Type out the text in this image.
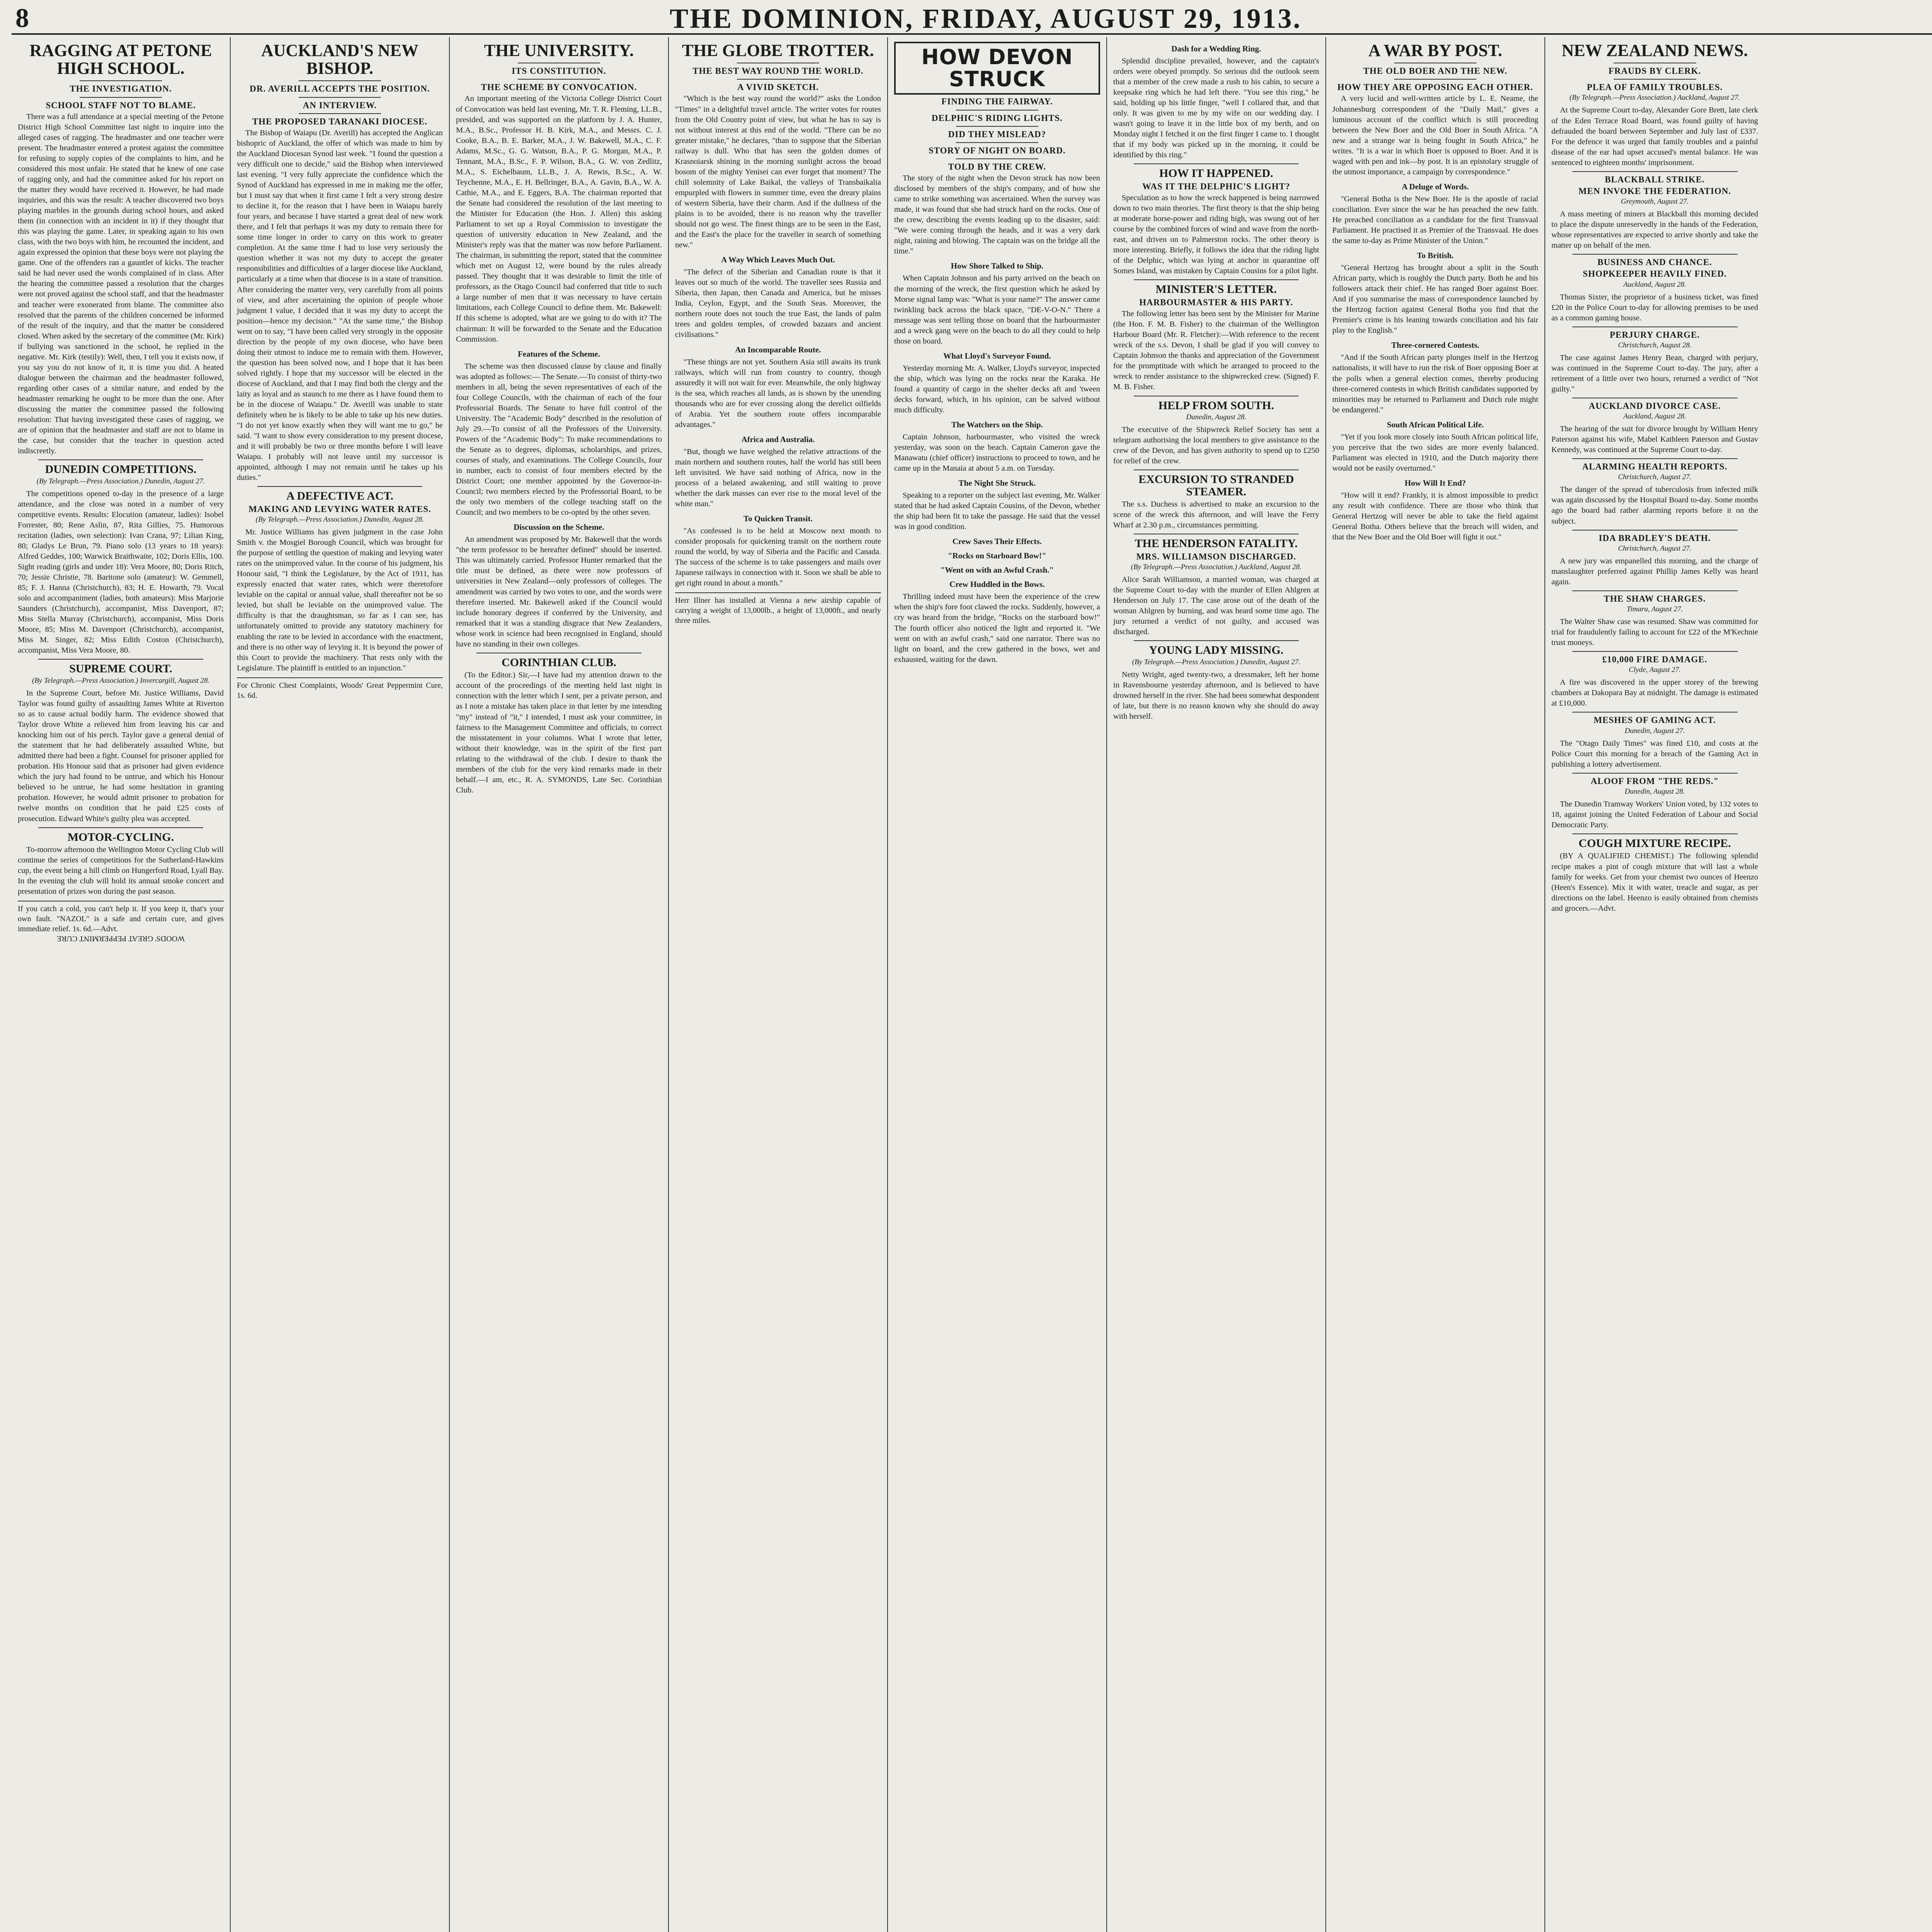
8	THE DOMINION, FRIDAY, AUGUST 29, 1913.
RAGGING AT PETONE HIGH SCHOOL.
THE INVESTIGATION.
SCHOOL STAFF NOT TO BLAME.

There was a full attendance at a special meeting of the Petone District High School Committee last night to inquire into the alleged cases of ragging. The headmaster and one teacher were present. The headmaster entered a protest against the committee for refusing to supply copies of the complaints to him, and he considered this most unfair. He stated that he knew of one case of ragging only, and had the committee asked for his report on the matter they would have received it. However, he had made inquiries, and this was the result: A teacher discovered two boys playing marbles in the grounds during school hours, and asked them (in connection with an incident in it) if they thought that this was playing the game. Later, in speaking again to his own class, with the two boys with him, he recounted the incident, and again expressed the opinion that these boys were not playing the game. One of the offenders ran a gauntlet of kicks. The teacher said he had never used the words complained of in class. After the hearing the committee passed a resolution that the charges were not proved against the school staff, and that the headmaster and teacher were exonerated from blame. The committee also resolved that the parents of the children concerned be informed of the result of the inquiry, and that the matter be considered closed. When asked by the secretary of the committee (Mr. Kirk) if bullying was sanctioned in the school, he replied in the negative. Mr. Kirk (testily): Well, then, I tell you it exists now, if you say you do not know of it, it is time you did. A heated dialogue between the chairman and the headmaster followed, regarding other cases of a similar nature, and ended by the headmaster remarking he ought to be more than the one. After discussing the matter the committee passed the following resolution: That having investigated these cases of ragging, we are of opinion that the headmaster and staff are not to blame in the case, but consider that the teacher in question acted indiscreetly.

DUNEDIN COMPETITIONS.
(By Telegraph.—Press Association.) Dunedin, August 27.

The competitions opened to-day in the presence of a large attendance, and the close was noted in a number of very competitive events. Results: Elocution (amateur, ladies): Isobel Forrester, 80; Rene Aslin, 87, Rita Gillies, 75. Humorous recitation (ladies, own selection): Ivan Crana, 97; Lilian King, 80; Gladys Le Brun, 79. Piano solo (13 years to 18 years): Alfred Geddes, 100; Warwick Braithwaite, 102; Doris Ellis, 100. Sight reading (girls and under 18): Vera Moore, 80; Doris Ritch, 70; Jessie Christie, 78. Baritone solo (amateur): W. Gemmell, 85; F. J. Hanna (Christchurch), 83; H. E. Howarth, 79. Vocal solo and accompaniment (ladies, both amateurs): Miss Marjorie Saunders (Christchurch), accompanist, Miss Davenport, 87; Miss Stella Murray (Christchurch), accompanist, Miss Doris Moore, 85; Miss M. Davenport (Christchurch), accompanist, Miss M. Singer, 82; Miss Edith Coston (Christchurch), accompanist, Miss Vera Moore, 80.

SUPREME COURT.
(By Telegraph.—Press Association.) Invercargill, August 28.

In the Supreme Court, before Mr. Justice Williams, David Taylor was found guilty of assaulting James White at Riverton so as to cause actual bodily harm. The evidence showed that Taylor drove White a relieved him from leaving his car and knocking him out of his perch. Taylor gave a general denial of the statement that he had deliberately assaulted White, but admitted there had been a fight. Counsel for prisoner applied for probation. His Honour said that as prisoner had given evidence which the jury had found to be untrue, and which his Honour believed to be untrue, he had some hesitation in granting probation. However, he would admit prisoner to probation for twelve months on condition that he paid £25 costs of prosecution. Edward White's guilty plea was accepted.

MOTOR-CYCLING.

To-morrow afternoon the Wellington Motor Cycling Club will continue the series of competitions for the Sutherland-Hawkins cup, the event being a hill climb on Hungerford Road, Lyall Bay. In the evening the club will hold its annual smoke concert and presentation of prizes won during the past season.

If you catch a cold, you can't help it. If you keep it, that's your own fault. "NAZOL" is a safe and certain cure, and gives immediate relief. 1s. 6d.—Advt.
WOODS' GREAT PEPPERMINT CURE
AUCKLAND'S NEW BISHOP.
DR. AVERILL ACCEPTS THE POSITION.
AN INTERVIEW.
THE PROPOSED TARANAKI DIOCESE.

The Bishop of Waiapu (Dr. Averill) has accepted the Anglican bishopric of Auckland, the offer of which was made to him by the Auckland Diocesan Synod last week. "I found the question a very difficult one to decide," said the Bishop when interviewed last evening. "I very fully appreciate the confidence which the Synod of Auckland has expressed in me in making me the offer, but I must say that when it first came I felt a very strong desire to decline it, for the reason that I have been in Waiapu barely four years, and because I have started a great deal of new work there, and I felt that perhaps it was my duty to remain there for some time longer in order to carry on this work to greater completion. At the same time I had to lose very seriously the question whether it was not my duty to accept the greater responsibilities and difficulties of a larger diocese like Auckland, particularly at a time when that diocese is in a state of transition. After considering the matter very, very carefully from all points of view, and after ascertaining the opinion of people whose judgment I value, I decided that it was my duty to accept the position—hence my decision." "At the same time," the Bishop went on to say, "I have been called very strongly in the opposite direction by the people of my own diocese, who have been doing their utmost to induce me to remain with them. However, the question has been solved now, and I hope that it has been solved rightly. I hope that my successor will be elected in the diocese of Auckland, and that I may find both the clergy and the laity as loyal and as staunch to me there as I have found them to be in the diocese of Waiapu." Dr. Averill was unable to state definitely when he is likely to be able to take up his new duties. "I do not yet know exactly when they will want me to go," he said. "I want to show every consideration to my present diocese, and it will probably be two or three months before I will leave Waiapu. I probably will not leave until my successor is appointed, although I may not remain until he takes up his duties."

A DEFECTIVE ACT.
MAKING AND LEVYING WATER RATES.
(By Telegraph.—Press Association.) Dunedin, August 28.

Mr. Justice Williams has given judgment in the case John Smith v. the Mosgiel Borough Council, which was brought for the purpose of settling the question of making and levying water rates on the unimproved value. In the course of his judgment, his Honour said, "I think the Legislature, by the Act of 1911, has expressly enacted that water rates, which were theretofore leviable on the capital or annual value, shall thereafter not be so levied, but shall be leviable on the unimproved value. The difficulty is that the draughtsman, so far as I can see, has unfortunately omitted to provide any statutory machinery for enabling the rate to be levied in accordance with the enactment, and there is no other way of levying it. It is beyond the power of this Court to provide the machinery. That rests only with the Legislature. The plaintiff is entitled to an injunction."

For Chronic Chest Complaints, Woods' Great Peppermint Cure, 1s. 6d.
THE UNIVERSITY.
ITS CONSTITUTION.
THE SCHEME BY CONVOCATION.

An important meeting of the Victoria College District Court of Convocation was held last evening, Mr. T. R. Fleming, LL.B., presided, and was supported on the platform by J. A. Hunter, M.A., B.Sc., Professor H. B. Kirk, M.A., and Messrs. C. J. Cooke, B.A., B. E. Barker, M.A., J. W. Bakewell, M.A., C. F. Adams, M.Sc., G. G. Watson, B.A., P. G. Morgan, M.A., P. Tennant, M.A., B.Sc., F. P. Wilson, B.A., G. W. von Zedlitz, M.A., S. Eichelbaum, LL.B., J. A. Rewis, B.Sc., A. W. Teychenne, M.A., E. H. Bellringer, B.A., A. Gavin, B.A., W. A. Cathie, M.A., and E. Eggers, B.A. The chairman reported that the Senate had considered the resolution of the last meeting to the Minister for Education (the Hon. J. Allen) this asking Parliament to set up a Royal Commission to investigate the question of university education in New Zealand, and the Minister's reply was that the matter was now before Parliament. The chairman, in submitting the report, stated that the committee which met on August 12, were bound by the rules already passed. They thought that it was desirable to limit the title of professors, as the Otago Council had conferred that title to such a large number of men that it was necessary to have certain limitations, each College Council to define them. Mr. Bakewell: If this scheme is adopted, what are we going to do with it? The chairman: It will be forwarded to the Senate and the Education Commission.

Features of the Scheme.

The scheme was then discussed clause by clause and finally was adopted as follows:— The Senate.—To consist of thirty-two members in all, being the seven representatives of each of the four College Councils, with the chairman of each of the four Professorial Boards. The Senate to have full control of the University. The "Academic Body" described in the resolution of July 29.—To consist of all the Professors of the University. Powers of the "Academic Body": To make recommendations to the Senate as to degrees, diplomas, scholarships, and prizes, courses of study, and examinations. The College Councils, four in number, each to consist of four members elected by the District Court; one member appointed by the Governor-in-Council; two members elected by the Professorial Board, to be the only two members of the college teaching staff on the Council; and two members to be co-opted by the other seven.

Discussion on the Scheme.

An amendment was proposed by Mr. Bakewell that the words "the term professor to be hereafter defined" should be inserted. This was ultimately carried. Professor Hunter remarked that the title must be defined, as there were now professors of universities in New Zealand—only professors of colleges. The amendment was carried by two votes to one, and the words were therefore inserted. Mr. Bakewell asked if the Council would include honorary degrees if conferred by the University, and remarked that it was a standing disgrace that New Zealanders, whose work in science had been recognised in England, should have no standing in their own colleges.

CORINTHIAN CLUB.

(To the Editor.) Sir,—I have had my attention drawn to the account of the proceedings of the meeting held last night in connection with the letter which I sent, per a private person, and as I note a mistake has taken place in that letter by me intending "my" instead of "it," I intended, I must ask your committee, in fairness to the Management Committee and officials, to correct the misstatement in your columns. What I wrote that letter, without their knowledge, was in the spirit of the first part relating to the withdrawal of the club. I desire to thank the members of the club for the very kind remarks made in their behalf.—I am, etc., R. A. SYMONDS, Late Sec. Corinthian Club.

THE GLOBE TROTTER.
THE BEST WAY ROUND THE WORLD.
A VIVID SKETCH.

"Which is the best way round the world?" asks the London "Times" in a delightful travel article. The writer votes for routes from the Old Country point of view, but what he has to say is not without interest at this end of the world. "There can be no greater mistake," he declares, "than to suppose that the Siberian railway is dull. Who that has seen the golden domes of Krasnoiarsk shining in the morning sunlight across the broad bosom of the mighty Yenisei can ever forget that moment? The chill solemnity of Lake Baikal, the valleys of Transbaikalia empurpled with flowers in summer time, even the dreary plains of western Siberia, have their charm. And if the dullness of the plains is to be avoided, there is no reason why the traveller should not go west. The finest things are to be seen in the East, and the East's the place for the traveller in search of something new."

A Way Which Leaves Much Out.

"The defect of the Siberian and Canadian route is that it leaves out so much of the world. The traveller sees Russia and Siberia, then Japan, then Canada and America, but he misses India, Ceylon, Egypt, and the South Seas. Moreover, the northern route does not touch the true East, the lands of palm trees and golden temples, of crowded bazaars and ancient civilisations."

An Incomparable Route.

"These things are not yet. Southern Asia still awaits its trunk railways, which will run from country to country, though assuredly it will not wait for ever. Meanwhile, the only highway is the sea, which reaches all lands, as is shown by the unending thousands who are for ever crossing along the derelict oilfields of Arabia. Yet the southern route offers incomparable advantages."

Africa and Australia.

"But, though we have weighed the relative attractions of the main northern and southern routes, half the world has still been left unvisited. We have said nothing of Africa, now in the process of a belated awakening, and still waiting to prove whether the dark masses can ever rise to the moral level of the white man."

To Quicken Transit.

"As confessed is to be held at Moscow next month to consider proposals for quickening transit on the northern route round the world, by way of Siberia and the Pacific and Canada. The success of the scheme is to take passengers and mails over Japanese railways in connection with it. Soon we shall be able to get right round in about a month."

Herr Illner has installed at Vienna a new airship capable of carrying a weight of 13,000lb., a height of 13,000ft., and nearly three miles.
HOW DEVON STRUCK
FINDING THE FAIRWAY.
DELPHIC'S RIDING LIGHTS.
DID THEY MISLEAD?
STORY OF NIGHT ON BOARD.
TOLD BY THE CREW.

The story of the night when the Devon struck has now been disclosed by members of the ship's company, and of how she came to strike something was ascertained. When the survey was made, it was found that she had struck hard on the rocks. One of the crew, describing the events leading up to the disaster, said: "We were coming through the heads, and it was a very dark night, raining and blowing. The captain was on the bridge all the time."

How Shore Talked to Ship.

When Captain Johnson and his party arrived on the beach on the morning of the wreck, the first question which he asked by Morse signal lamp was: "What is your name?" The answer came twinkling back across the black space, "DE-V-O-N." There a message was sent telling those on board that the harbourmaster and a wreck gang were on the beach to do all they could to help those on board.

What Lloyd's Surveyor Found.

Yesterday morning Mr. A. Walker, Lloyd's surveyor, inspected the ship, which was lying on the rocks near the Karaka. He found a quantity of cargo in the shelter decks aft and 'tween decks forward, which, in his opinion, can be salved without much difficulty.

The Watchers on the Ship.

Captain Johnson, harbourmaster, who visited the wreck yesterday, was soon on the beach. Captain Cameron gave the Manawatu (chief officer) instructions to proceed to town, and he came up in the Manaia at about 5 a.m. on Tuesday.

The Night She Struck.

Speaking to a reporter on the subject last evening, Mr. Walker stated that he had asked Captain Cousins, of the Devon, whether the ship had been fit to take the passage. He said that the vessel was in good condition.

Crew Saves Their Effects.
"Rocks on Starboard Bow!"
"Went on with an Awful Crash."
Crew Huddled in the Bows.

Thrilling indeed must have been the experience of the crew when the ship's fore foot clawed the rocks. Suddenly, however, a cry was heard from the bridge, "Rocks on the starboard bow!" The fourth officer also noticed the light and reported it. "We went on with an awful crash," said one narrator. There was no light on board, and the crew gathered in the bows, wet and exhausted, waiting for the dawn.

Dash for a Wedding Ring.

Splendid discipline prevailed, however, and the captain's orders were obeyed promptly. So serious did the outlook seem that a member of the crew made a rush to his cabin, to secure a keepsake ring which he had left there. "You see this ring," he said, holding up his little finger, "well I collared that, and that only. It was given to me by my wife on our wedding day. I wasn't going to leave it in the little box of my berth, and on Monday night I fetched it on the first finger I came to. I thought that if my body was picked up in the morning, it could be identified by this ring."

HOW IT HAPPENED.
WAS IT THE DELPHIC'S LIGHT?

Speculation as to how the wreck happened is being narrowed down to two main theories. The first theory is that the ship being at moderate horse-power and riding high, was swung out of her course by the combined forces of wind and wave from the north-east, and driven on to Palmerston rocks. The other theory is more interesting. Briefly, it follows the idea that the riding light of the Delphic, which was lying at anchor in quarantine off Somes Island, was mistaken by Captain Cousins for a pilot light.

MINISTER'S LETTER.
HARBOURMASTER & HIS PARTY.

The following letter has been sent by the Minister for Marine (the Hon. F. M. B. Fisher) to the chairman of the Wellington Harbour Board (Mr. R. Fletcher):—With reference to the recent wreck of the s.s. Devon, I shall be glad if you will convey to Captain Johnson the thanks and appreciation of the Government for the promptitude with which he arranged to proceed to the wreck to render assistance to the shipwrecked crew. (Signed) F. M. B. Fisher.

HELP FROM SOUTH.
Dunedin, August 28.

The executive of the Shipwreck Relief Society has sent a telegram authorising the local members to give assistance to the crew of the Devon, and has given authority to spend up to £250 for relief of the crew.

EXCURSION TO STRANDED STEAMER.

The s.s. Duchess is advertised to make an excursion to the scene of the wreck this afternoon, and will leave the Ferry Wharf at 2.30 p.m., circumstances permitting.

THE HENDERSON FATALITY.
MRS. WILLIAMSON DISCHARGED.
(By Telegraph.—Press Association.) Auckland, August 28.

Alice Sarah Williamson, a married woman, was charged at the Supreme Court to-day with the murder of Ellen Ahlgren at Henderson on July 17. The case arose out of the death of the woman Ahlgren by burning, and was heard some time ago. The jury returned a verdict of not guilty, and accused was discharged.

YOUNG LADY MISSING.
(By Telegraph.—Press Association.) Dunedin, August 27.

Netty Wright, aged twenty-two, a dressmaker, left her home in Ravensbourne yesterday afternoon, and is believed to have drowned herself in the river. She had been somewhat despondent of late, but there is no reason known why she should do away with herself.

A WAR BY POST.
THE OLD BOER AND THE NEW.
HOW THEY ARE OPPOSING EACH OTHER.

A very lucid and well-written article by L. E. Neame, the Johannesburg correspondent of the "Daily Mail," gives a luminous account of the conflict which is still proceeding between the New Boer and the Old Boer in South Africa. "A new and a strange war is being fought in South Africa," he writes. "It is a war in which Boer is opposed to Boer. And it is waged with pen and ink—by post. It is an epistolary struggle of the utmost importance, a campaign by correspondence."

A Deluge of Words.

"General Botha is the New Boer. He is the apostle of racial conciliation. Ever since the war he has preached the new faith. He preached conciliation as a candidate for the first Transvaal Parliament. He practised it as Premier of the Transvaal. He does the same to-day as Prime Minister of the Union."

To British.

"General Hertzog has brought about a split in the South African party, which is roughly the Dutch party. Both he and his followers attack their chief. He has ranged Boer against Boer. And if you summarise the mass of correspondence launched by the Hertzog faction against General Botha you find that the Premier's crime is his leaning towards conciliation and his fair play to the English."

Three-cornered Contests.

"And if the South African party plunges itself in the Hertzog nationalists, it will have to run the risk of Boer opposing Boer at the polls when a general election comes, thereby producing three-cornered contests in which British candidates supported by minorities may be returned to Parliament and Dutch rule might be endangered."

South African Political Life.

"Yet if you look more closely into South African political life, you perceive that the two sides are more evenly balanced. Parliament was elected in 1910, and the Dutch majority there would not be easily overturned."

How Will It End?

"How will it end? Frankly, it is almost impossible to predict any result with confidence. There are those who think that General Hertzog will never be able to take the field against General Botha. Others believe that the breach will widen, and that the New Boer and the Old Boer will fight it out."

NEW ZEALAND NEWS.
FRAUDS BY CLERK.
PLEA OF FAMILY TROUBLES.
(By Telegraph.—Press Association.) Auckland, August 27.

At the Supreme Court to-day, Alexander Gore Brett, late clerk of the Eden Terrace Road Board, was found guilty of having defrauded the board between September and July last of £337. For the defence it was urged that family troubles and a painful disease of the ear had upset accused's mental balance. He was sentenced to eighteen months' imprisonment.

BLACKBALL STRIKE.
MEN INVOKE THE FEDERATION.
Greymouth, August 27.

A mass meeting of miners at Blackball this morning decided to place the dispute unreservedly in the hands of the Federation, whose representatives are expected to arrive shortly and take the matter up on behalf of the men.

BUSINESS AND CHANCE.
SHOPKEEPER HEAVILY FINED.
Auckland, August 28.

Thomas Sixter, the proprietor of a business ticket, was fined £20 in the Police Court to-day for allowing premises to be used as a common gaming house.

PERJURY CHARGE.
Christchurch, August 28.

The case against James Henry Bean, charged with perjury, was continued in the Supreme Court to-day. The jury, after a retirement of a little over two hours, returned a verdict of "Not guilty."

AUCKLAND DIVORCE CASE.
Auckland, August 28.

The hearing of the suit for divorce brought by William Henry Paterson against his wife, Mabel Kathleen Paterson and Gustav Kennedy, was continued at the Supreme Court to-day.

ALARMING HEALTH REPORTS.
Christchurch, August 27.

The danger of the spread of tuberculosis from infected milk was again discussed by the Hospital Board to-day. Some months ago the board had rather alarming reports before it on the subject.

IDA BRADLEY'S DEATH.
Christchurch, August 27.

A new jury was empanelled this morning, and the charge of manslaughter preferred against Phillip James Kelly was heard again.

THE SHAW CHARGES.
Timaru, August 27.

The Walter Shaw case was resumed. Shaw was committed for trial for fraudulently failing to account for £22 of the M'Kechnie trust moneys.

£10,000 FIRE DAMAGE.
Clyde, August 27.

A fire was discovered in the upper storey of the brewing chambers at Dakopara Bay at midnight. The damage is estimated at £10,000.

MESHES OF GAMING ACT.
Dunedin, August 27.

The "Otago Daily Times" was fined £10, and costs at the Police Court this morning for a breach of the Gaming Act in publishing a lottery advertisement.

ALOOF FROM "THE REDS."
Dunedin, August 28.

The Dunedin Tramway Workers' Union voted, by 132 votes to 18, against joining the United Federation of Labour and Social Democratic Party.

COUGH MIXTURE RECIPE.

(BY A QUALIFIED CHEMIST.) The following splendid recipe makes a pint of cough mixture that will last a whole family for weeks. Get from your chemist two ounces of Heenzo (Heen's Essence). Mix it with water, treacle and sugar, as per directions on the label. Heenzo is easily obtained from chemists and grocers.—Advt.
